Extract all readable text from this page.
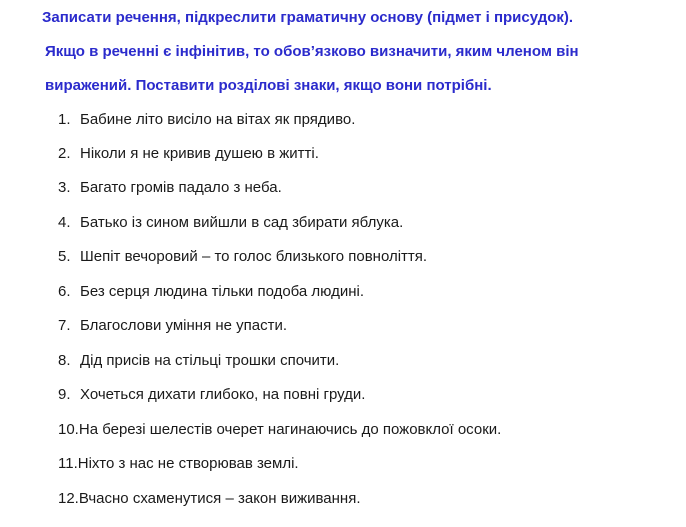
Записати речення, підкреслити граматичну основу (підмет і присудок).
Якщо в реченні є інфінітив, то обов’язково визначити, яким членом він
виражений. Поставити розділові знаки, якщо вони потрібні.
1. Бабине літо висіло на вітах як прядиво.
2. Ніколи я не кривив душею в житті.
3. Багато громів падало з неба.
4. Батько із сином вийшли в сад збирати яблука.
5. Шепіт вечоровий – то голос близького повноліття.
6. Без серця людина тільки подоба людині.
7. Благослови уміння не упасти.
8. Дід присів на стільці трошки спочити.
9. Хочеться дихати глибоко, на повні груди.
10.На березі шелестів очерет нагинаючись до пожовклої осоки.
11.Ніхто з нас не створював землі.
12.Вчасно схаменутися – закон виживання.
